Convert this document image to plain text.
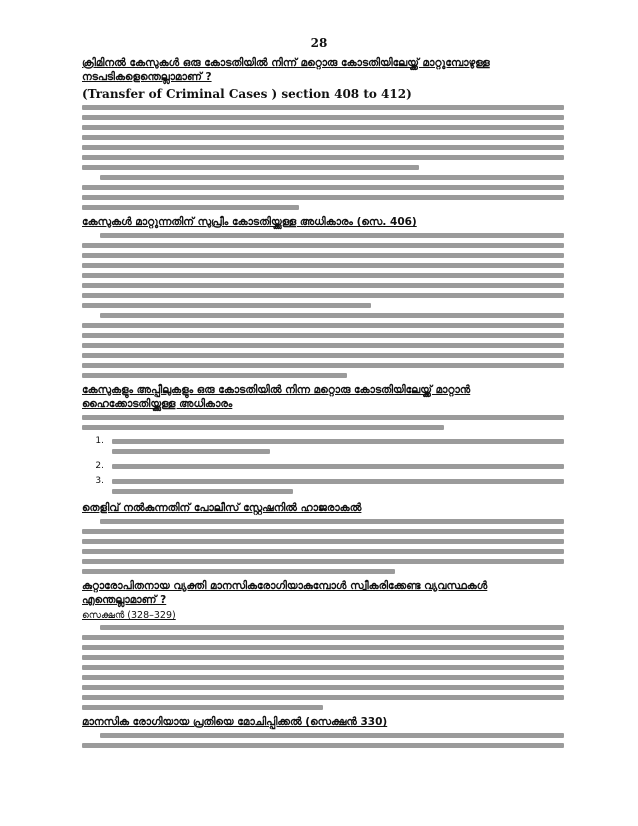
28
ക്രിമിനൽ കേസുകൾ ഒരു കോടതിയിൽ നിന്ന് മറ്റൊരു കോടതിയിലേയ്ക്ക് മാറ്റുമ്പോഴുള്ള നടപടികളെന്തെല്ലാമാണ് ?
(Transfer of Criminal Cases ) section 408 to 412)
കേസുകൾ മാറ്റുന്നതിന് സുപ്രീം കോടതിയ്ക്കുള്ള അധികാരം (സെ. 406)
കേസുകളും അപ്പീലുകളും ഒരു കോടതിയിൽ നിന്ന മറ്റൊരു കോടതിയിലേയ്ക്ക് മാറ്റാൻ ഹൈക്കോടതിയ്ക്കുള്ള അധികാരം
1.
2.
3.
തെളിവ് നൽകുന്നതിന് പോലീസ് സ്റ്റേഷനിൽ ഹാജരാകൽ
കുറ്റാരോപിതനായ വ്യക്തി മാനസികരോഗിയാകുമ്പോൾ സ്വീകരിക്കേണ്ട വ്യവസ്ഥകൾ എന്തെല്ലാമാണ് ?
സെക്ഷൻ (328–329)
മാനസിക രോഗിയായ പ്രതിയെ മോചിപ്പിക്കൽ (സെക്ഷൻ 330)
